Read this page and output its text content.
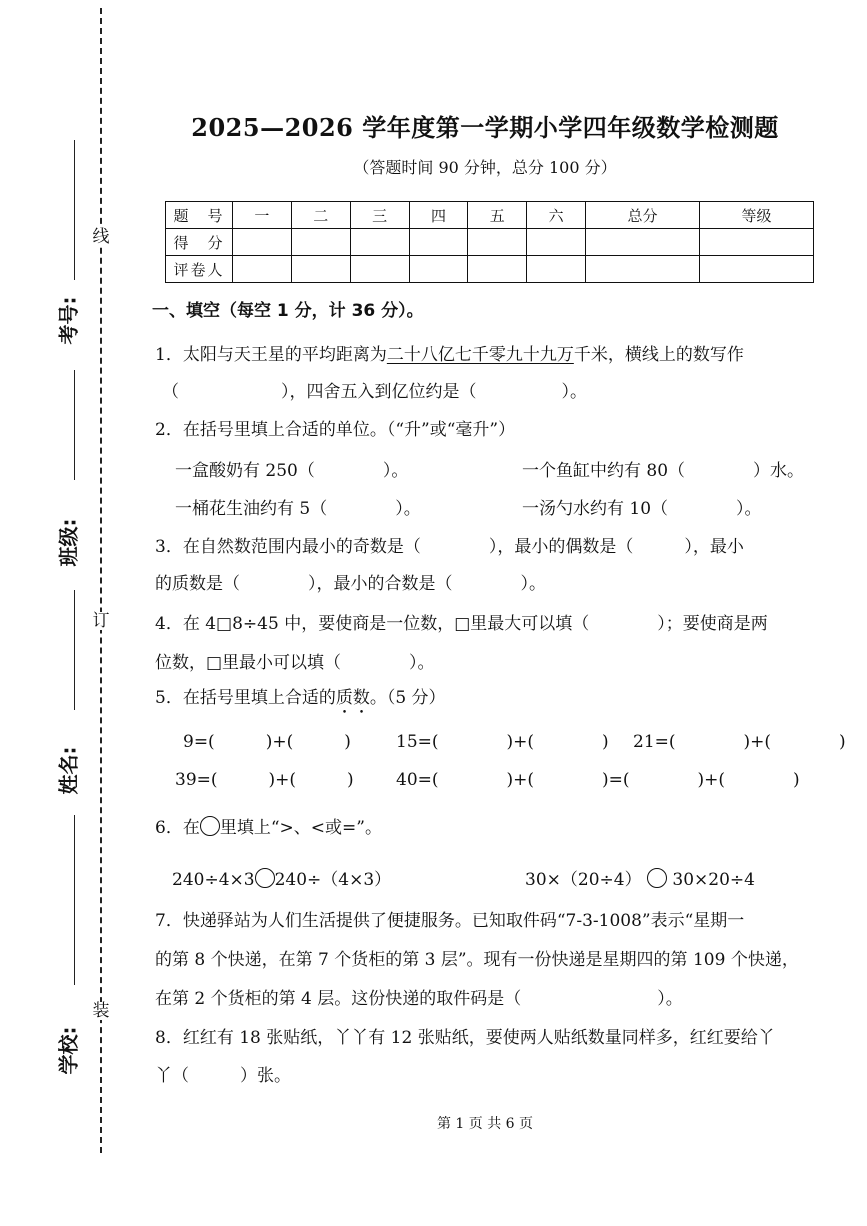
线
订
装
考号:
班级:
姓名:
学校:
2025—2026 学年度第一学期小学四年级数学检测题
（答题时间 90 分钟，总分 100 分）
题　号	一	二	三	四	五	六	总分	等级
得　分								
评卷人								
一、填空（每空 1 分，计 36 分）。
1．太阳与天王星的平均距离为二十八亿七千零九十九万千米，横线上的数写作
（　　　　　　），四舍五入到亿位约是（　　　　　）。
2．在括号里填上合适的单位。（“升”或“毫升”）
一盒酸奶有 250（　　　　）。	一个鱼缸中约有 80（　　　　）水。
一桶花生油约有 5（　　　　）。	一汤勺水约有 10（　　　　）。
3．在自然数范围内最小的奇数是（　　　　），最小的偶数是（　　　），最小
的质数是（　　　　），最小的合数是（　　　　）。
4．在 4□8÷45 中，要使商是一位数，□里最大可以填（　　　　）；要使商是两
位数，□里最小可以填（　　　　）。
5．在括号里填上合适的质数。（5 分）
9=(　　　)+(　　　)	15=(　　　　)+(　　　　) 21=(　　　　)+(　　　　)
39=(　　　)+(　　　) 40=(　　　　)+(　　　　)=(　　　　)+(　　　　)
6．在 里填上“>、<或=”。
240÷4×3 240÷（4×3）	30×（20÷4） 30×20÷4
7．快递驿站为人们生活提供了便捷服务。已知取件码“7-3-1008”表示“星期一
的第 8 个快递，在第 7 个货柜的第 3 层”。现有一份快递是星期四的第 109 个快递，
在第 2 个货柜的第 4 层。这份快递的取件码是（　　　　　　　　）。
8．红红有 18 张贴纸，丫丫有 12 张贴纸，要使两人贴纸数量同样多，红红要给丫
丫（　　　）张。
第 1 页 共 6 页
